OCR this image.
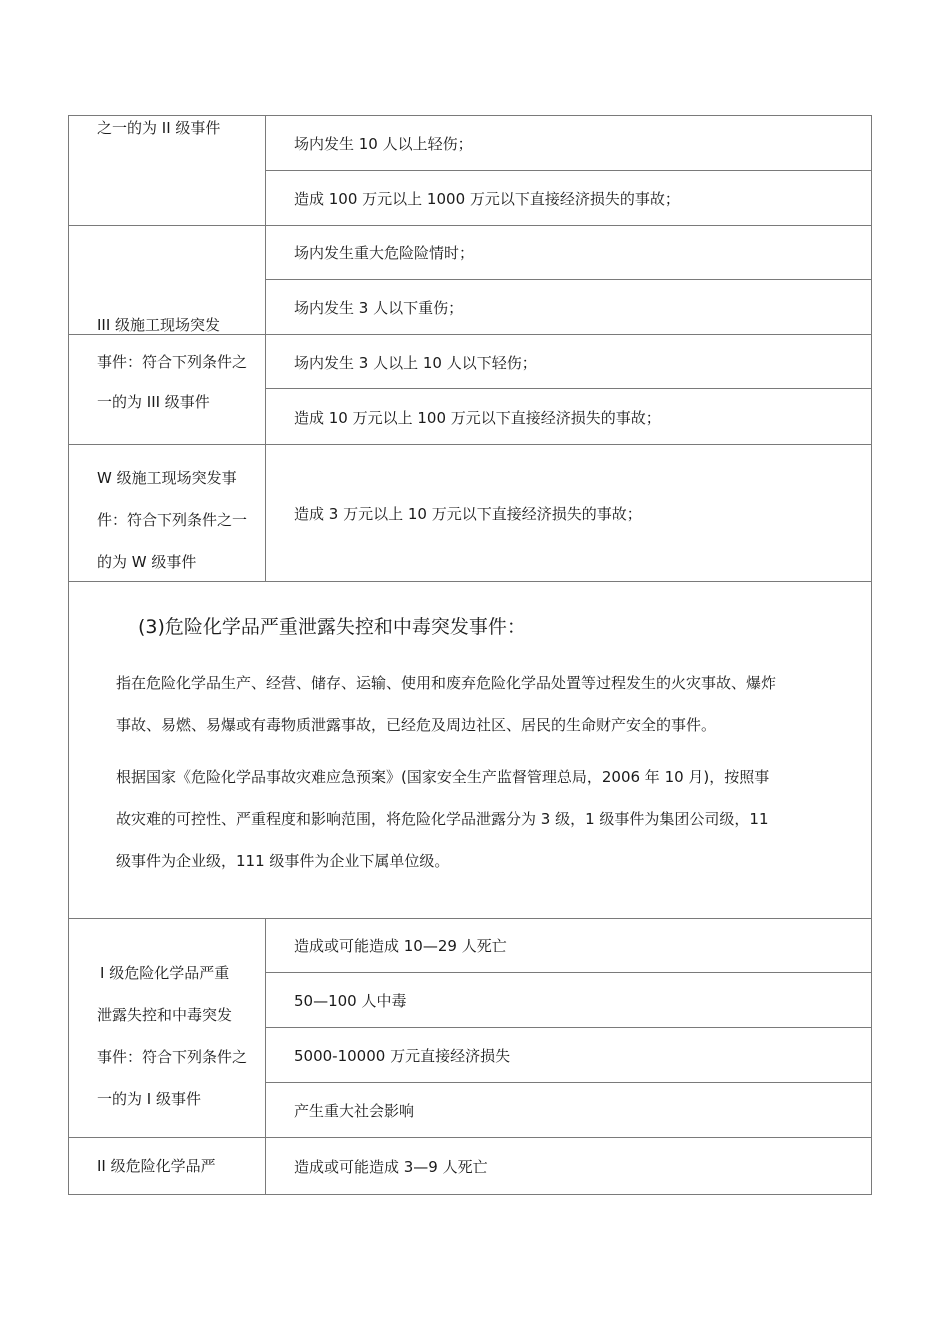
之一的为 II 级事件
III 级施工现场突发
事件：符合下列条件之
一的为 III 级事件
W 级施工现场突发事
件：符合下列条件之一
的为 W 级事件
场内发生 10 人以上轻伤；
造成 100 万元以上 1000 万元以下直接经济损失的事故；
场内发生重大危险险情时；
场内发生 3 人以下重伤；
场内发生 3 人以上 10 人以下轻伤；
造成 10 万元以上 100 万元以下直接经济损失的事故；
造成 3 万元以上 10 万元以下直接经济损失的事故；
(3)危险化学品严重泄露失控和中毒突发事件：
指在危险化学品生产、经营、储存、运输、使用和废弃危险化学品处置等过程发生的火灾事故、爆炸
事故、易燃、易爆或有毒物质泄露事故，已经危及周边社区、居民的生命财产安全的事件。
根据国家《危险化学品事故灾难应急预案》(国家安全生产监督管理总局，2006 年 10 月)，按照事
故灾难的可控性、严重程度和影响范围，将危险化学品泄露分为 3 级，1 级事件为集团公司级，11
级事件为企业级，111 级事件为企业下属单位级。
I 级危险化学品严重
泄露失控和中毒突发
事件：符合下列条件之
一的为 I 级事件
II 级危险化学品严
造成或可能造成 10—29 人死亡
50—100 人中毒
5000-10000 万元直接经济损失
产生重大社会影响
造成或可能造成 3—9 人死亡
